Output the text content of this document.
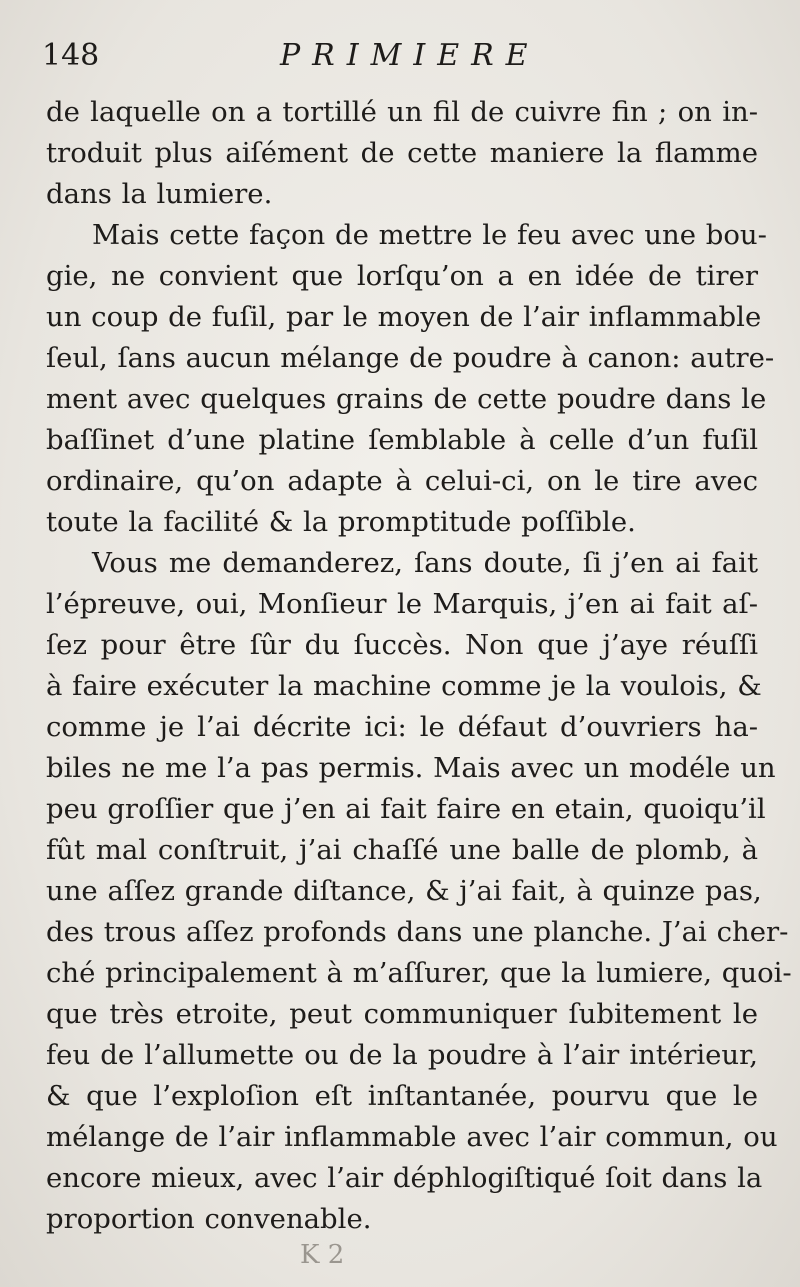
148	PRIMIERE
de laquelle on a tortillé un fil de cuivre fin ; on in-
troduit plus aiſément de cette maniere la flamme
dans la lumiere.
Mais cette façon de mettre le feu avec une bou-
gie, ne convient que lorſqu’on a en idée de tirer
un coup de fuſil, par le moyen de l’air inflammable
ſeul, ſans aucun mélange de poudre à canon: autre-
ment avec quelques grains de cette poudre dans le
baſſinet d’une platine ſemblable à celle d’un fuſil
ordinaire, qu’on adapte à celui-ci, on le tire avec
toute la facilité & la promptitude poſſible.
Vous me demanderez, ſans doute, ſi j’en ai fait
l’épreuve, oui, Monſieur le Marquis, j’en ai fait aſ-
ſez pour être ſûr du ſuccès. Non que j’aye réuſſi
à faire exécuter la machine comme je la voulois, &
comme je l’ai décrite ici: le défaut d’ouvriers ha-
biles ne me l’a pas permis. Mais avec un modéle un
peu groſſier que j’en ai fait faire en etain, quoiqu’il
fût mal conſtruit, j’ai chaſſé une balle de plomb, à
une aſſez grande diſtance, & j’ai fait, à quinze pas,
des trous aſſez profonds dans une planche. J’ai cher-
ché principalement à m’aſſurer, que la lumiere, quoi-
que très etroite, peut communiquer ſubitement le
feu de l’allumette ou de la poudre à l’air intérieur,
& que l’exploſion eſt inſtantanée, pourvu que le
mélange de l’air inflammable avec l’air commun, ou
encore mieux, avec l’air déphlogiſtiqué ſoit dans la
proportion convenable.
K 2
